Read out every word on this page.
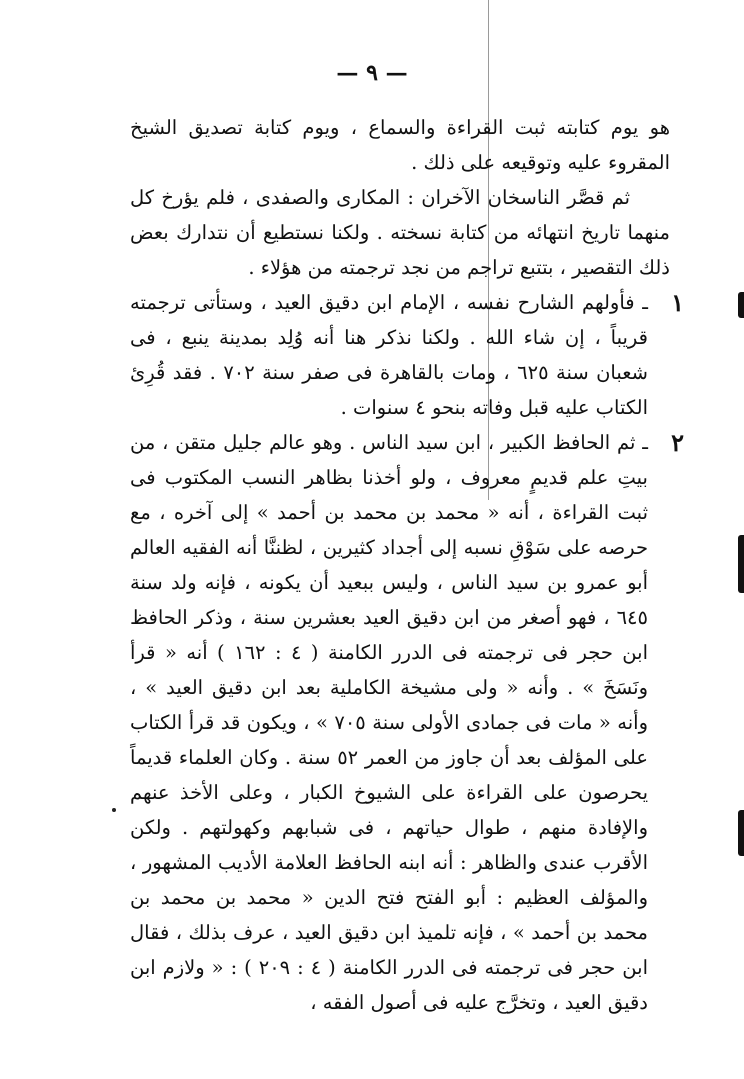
— ٩ —

هو يوم كتابته ثبت القراءة والسماع ، ويوم كتابة تصديق الشيخ المقروء عليه وتوقيعه على ذلك .

ثم قصَّر الناسخان الآخران : المكارى والصفدى ، فلم يؤرخ كل منهما تاريخ انتهائه من كتابة نسخته . ولكنا نستطيع أن نتدارك بعض ذلك التقصير ، بتتبع تراجم من نجد ترجمته من هؤلاء .

١

ـ فأولهم الشارح نفسه ، الإمام ابن دقيق العيد ، وستأتى ترجمته قريباً ، إن شاء الله . ولكنا نذكر هنا أنه وُلِد بمدينة ينبع ، فى شعبان سنة ٦٢٥ ، ومات بالقاهرة فى صفر سنة ٧٠٢ . فقد قُرِئ الكتاب عليه قبل وفاته بنحو ٤ سنوات .

٢

ـ ثم الحافظ الكبير ، ابن سيد الناس . وهو عالم جليل متقن ، من بيتِ علم قديمٍ معروف ، ولو أخذنا بظاهر النسب المكتوب فى ثبت القراءة ، أنه « محمد بن محمد بن أحمد » إلى آخره ، مع حرصه على سَوْقِ نسبه إلى أجداد كثيرين ، لظننَّا أنه الفقيه العالم أبو عمرو بن سيد الناس ، وليس ببعيد أن يكونه ، فإنه ولد سنة ٦٤٥ ، فهو أصغر من ابن دقيق العيد بعشرين سنة ، وذكر الحافظ ابن حجر فى ترجمته فى الدرر الكامنة ( ٤ : ١٦٢ ) أنه « قرأ ونَسَخَ » . وأنه « ولى مشيخة الكاملية بعد ابن دقيق العيد » ، وأنه « مات فى جمادى الأولى سنة ٧٠٥ » ، ويكون قد قرأ الكتاب على المؤلف بعد أن جاوز من العمر ٥٢ سنة . وكان العلماء قديماً يحرصون على القراءة على الشيوخ الكبار ، وعلى الأخذ عنهم والإفادة منهم ، طوال حياتهم ، فى شبابهم وكهولتهم . ولكن الأقرب عندى والظاهر : أنه ابنه الحافظ العلامة الأديب المشهور ، والمؤلف العظيم : أبو الفتح فتح الدين « محمد بن محمد بن محمد بن أحمد » ، فإنه تلميذ ابن دقيق العيد ، عرف بذلك ، فقال ابن حجر فى ترجمته فى الدرر الكامنة ( ٤ : ٢٠٩ ) : « ولازم ابن دقيق العيد ، وتخرَّج عليه فى أصول الفقه ،
